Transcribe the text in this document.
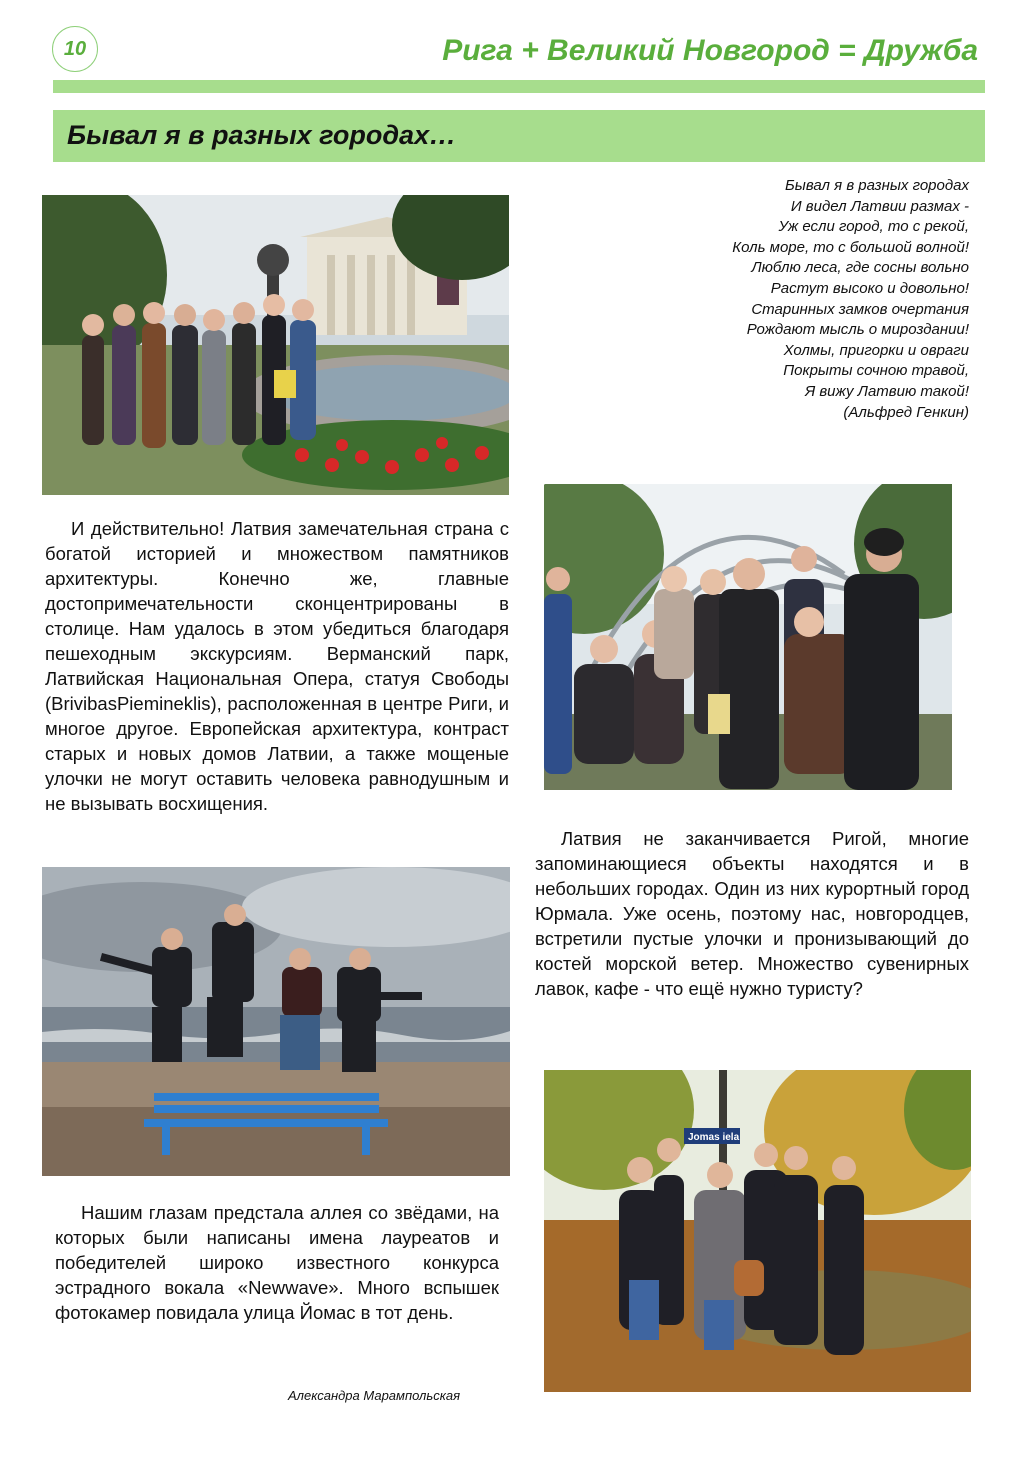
10	Рига + Великий Новгород = Дружба
Бывал я в разных городах…
Бывал я в разных городах
И видел Латвии размах -
Уж если город, то с рекой,
Коль море, то с большой волной!
Люблю леса, где сосны вольно
Растут высоко и довольно!
Старинных замков очертания
Рождают мысль о мироздании!
Холмы, пригорки и овраги
Покрыты сочною травой,
Я вижу Латвию такой!
(Альфред Генкин)
И действительно! Латвия замечательная страна с богатой историей и множеством памятников архитектуры. Конечно же, главные достопримечательности сконцентрированы в столице. Нам удалось в этом убедиться благодаря пешеходным экскурсиям. Верманский парк, Латвийская Национальная Опера, статуя Свободы (BrivibasPiemineklis), расположенная в центре Риги, и многое другое. Европейская архитектура, контраст старых и новых домов Латвии, а также мощеные улочки не могут оставить человека равнодушным и не вызывать восхищения.
Латвия не заканчивается Ригой, многие запоминающиеся объекты находятся и в небольших городах. Один из них курортный город Юрмала. Уже осень, поэтому нас, новгородцев, встретили пустые улочки и пронизывающий до костей морской ветер. Множество сувенирных лавок, кафе - что ещё нужно туристу?
Нашим глазам предстала аллея со звёдами, на которых были написаны имена лауреатов и победителей широко известного конкурса эстрадного вокала «Newwave». Много вспышек фотокамер повидала улица Йомас в тот день.
Jomas iela
Александра Марампольская
